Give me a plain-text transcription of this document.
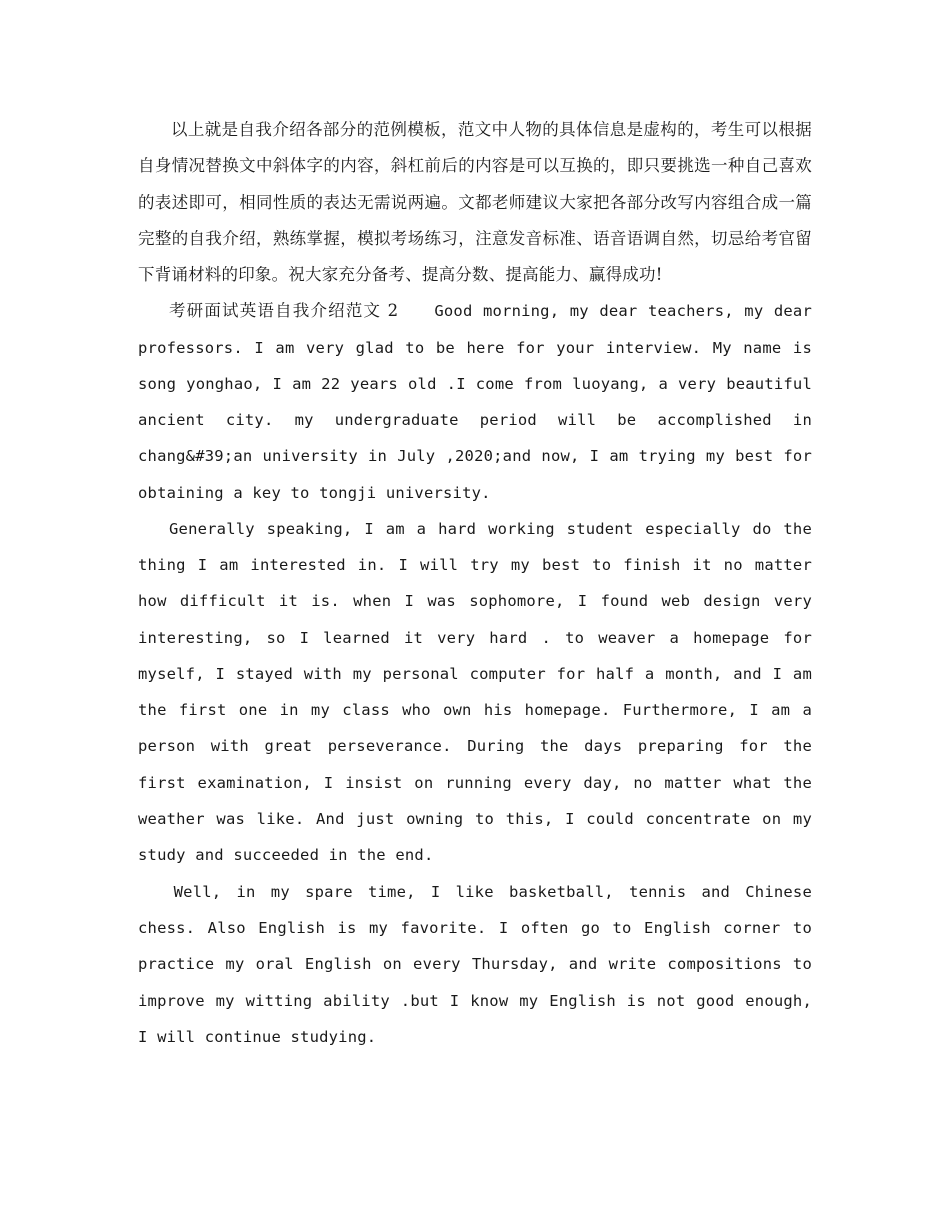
以上就是自我介绍各部分的范例模板，范文中人物的具体信息是虚构的，考生可以根据自身情况替换文中斜体字的内容，斜杠前后的内容是可以互换的，即只要挑选一种自己喜欢的表述即可，相同性质的表达无需说两遍。文都老师建议大家把各部分改写内容组合成一篇完整的自我介绍，熟练掌握，模拟考场练习，注意发音标准、语音语调自然，切忌给考官留下背诵材料的印象。祝大家充分备考、提高分数、提高能力、赢得成功!

考研面试英语自我介绍范文 2 Good morning, my dear teachers, my dear professors. I am very glad to be here for your interview. My name is song yonghao, I am 22 years old .I come from luoyang, a very beautiful ancient city. my undergraduate period will be accomplished in chang&#39;an university in July ,2020;and now, I am trying my best for obtaining a key to tongji university.

Generally speaking, I am a hard working student especially do the thing I am interested in. I will try my best to finish it no matter how difficult it is. when I was sophomore, I found web design very interesting, so I learned it very hard . to weaver a homepage for myself, I stayed with my personal computer for half a month, and I am the first one in my class who own his homepage. Furthermore, I am a person with great perseverance. During the days preparing for the first examination, I insist on running every day, no matter what the weather was like. And just owning to this, I could concentrate on my study and succeeded in the end.

Well, in my spare time, I like basketball, tennis and Chinese chess. Also English is my favorite. I often go to English corner to practice my oral English on every Thursday, and write compositions to improve my witting ability .but I know my English is not good enough, I will continue studying.
